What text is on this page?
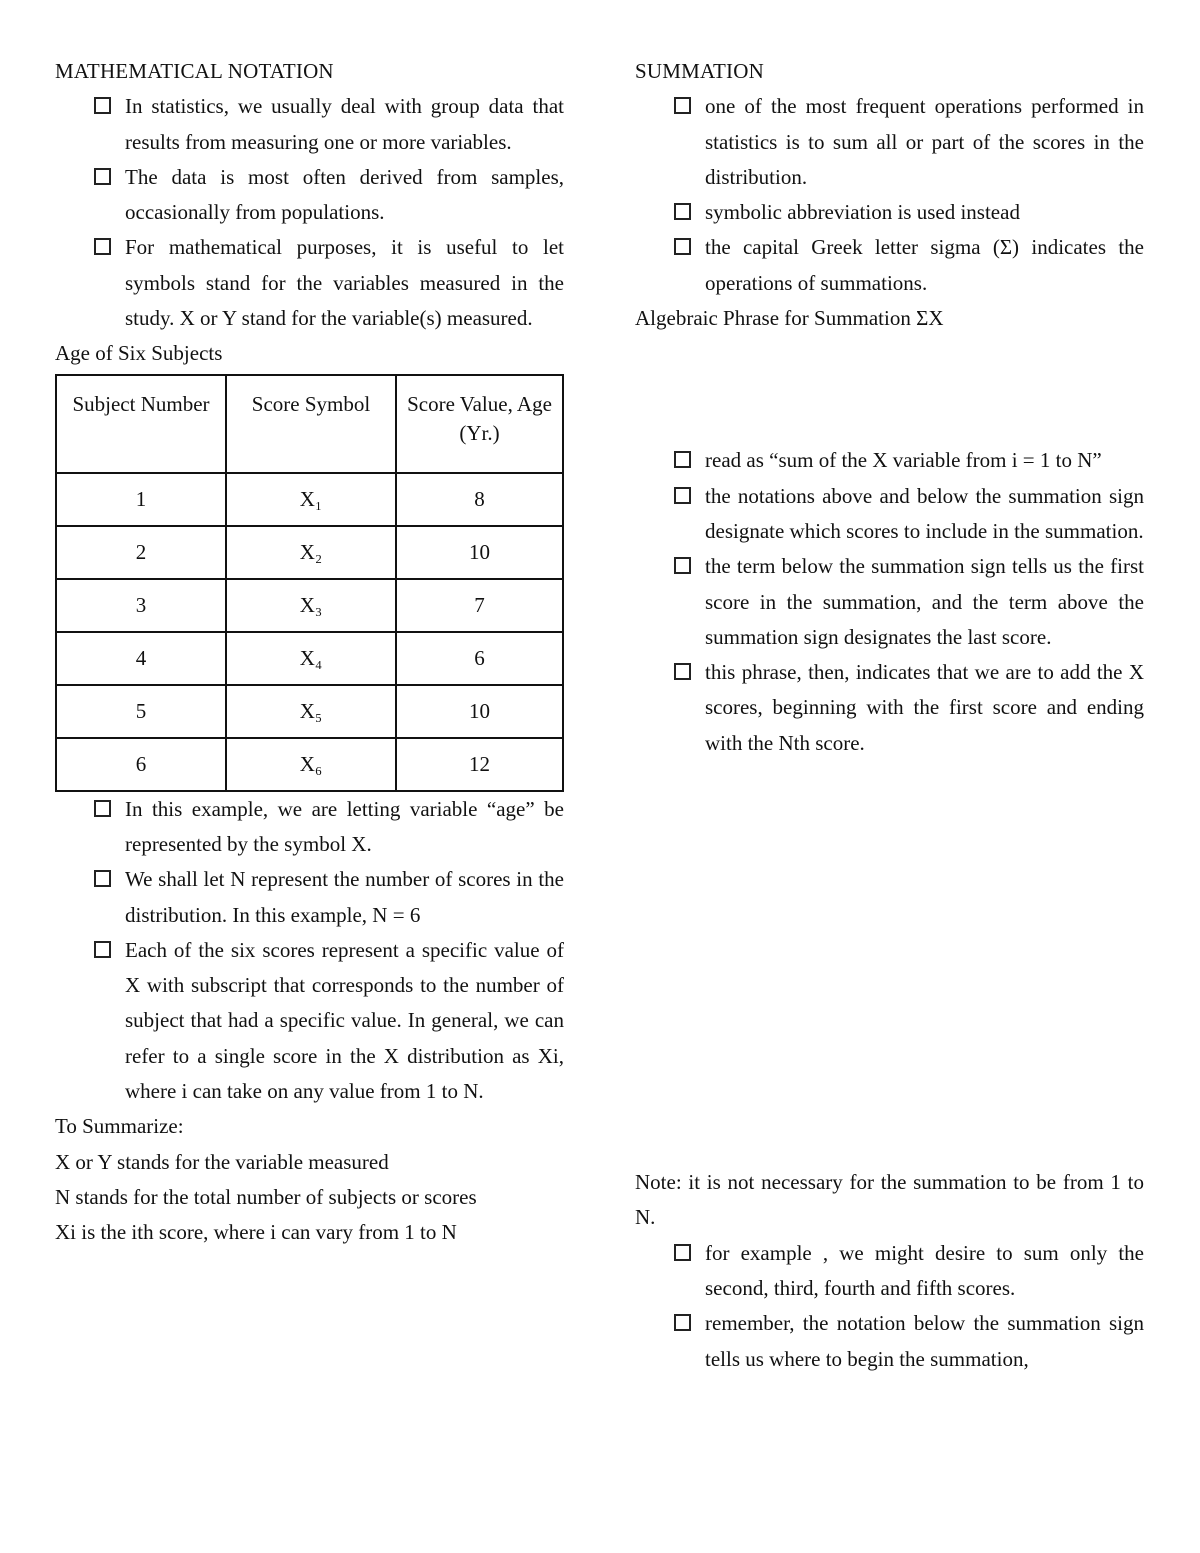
MATHEMATICAL NOTATION
In statistics, we usually deal with group data that results from measuring one or more variables.
The data is most often derived from samples, occasionally from populations.
For mathematical purposes, it is useful to let symbols stand for the variables measured in the study. X or Y stand for the variable(s) measured.

Age of Six Subjects

Subject Number	Score Symbol	Score Value, Age (Yr.)
1	X₁	8
2	X₂	10
3	X₃	7
4	X₄	6
5	X₅	10
6	X₆	12
In this example, we are letting variable “age” be represented by the symbol X.
We shall let N represent the number of scores in the distribution. In this example, N = 6
Each of the six scores represent a specific value of X with subscript that corresponds to the number of subject that had a specific value. In general, we can refer to a single score in the X distribution as Xi, where i can take on any value from 1 to N.

To Summarize:

X or Y stands for the variable measured

N stands for the total number of subjects or scores

Xi is the ith score, where i can vary from 1 to N

SUMMATION
one of the most frequent operations performed in statistics is to sum all or part of the scores in the distribution.
symbolic abbreviation is used instead
the capital Greek letter sigma (Σ) indicates the operations of summations.

Algebraic Phrase for Summation ΣX

read as “sum of the X variable from i = 1 to N”
the notations above and below the summation sign designate which scores to include in the summation.
the term below the summation sign tells us the first score in the summation, and the term above the summation sign designates the last score.
this phrase, then, indicates that we are to add the X scores, beginning with the first score and ending with the Nth score.

Note: it is not necessary for the summation to be from 1 to N.

for example , we might desire to sum only the second, third, fourth and fifth scores.
remember, the notation below the summation sign tells us where to begin the summation,
